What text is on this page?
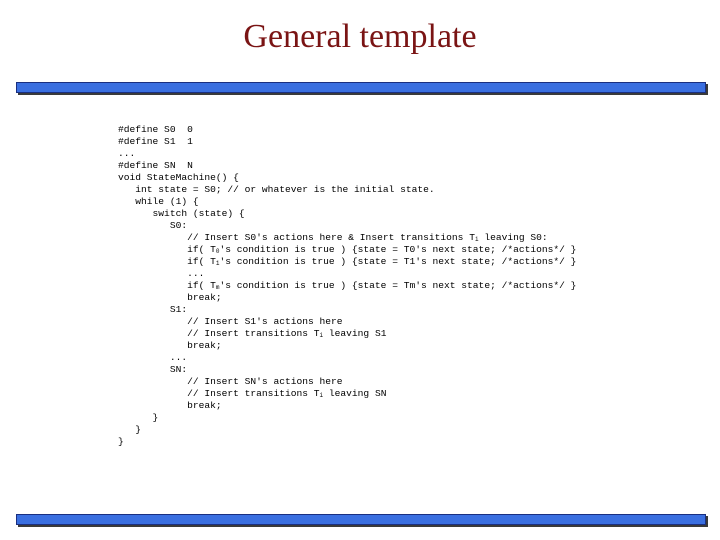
General template
#define S0  0
#define S1  1
...
#define SN  N
void StateMachine() {
int state = S0; // or whatever is the initial state.
while (1) {
switch (state) {
S0:
// Insert S0's actions here & Insert transitions $T_i$ leaving S0:
if( $T_0's$ condition is true ) {state = T0's next state; /*actions*/ }
if( $T_1's$ condition is true ) {state = T1's next state; /*actions*/ }
...
if( $T_m's$ condition is true ) {state = Tm's next state; /*actions*/ }
break;
S1:
// Insert S1's actions here
// Insert transitions $T_i$ leaving S1
break;
...
SN:
// Insert SN's actions here
// Insert transitions $T_i$ leaving SN
break;
}
}
}
